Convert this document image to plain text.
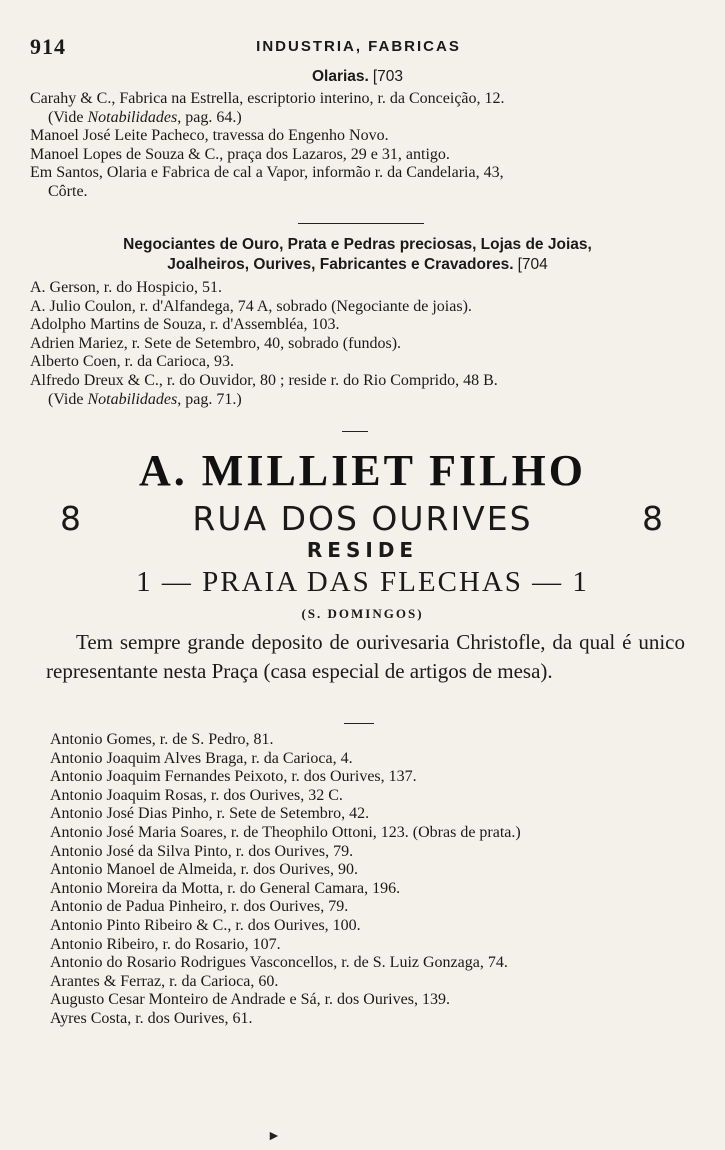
914	INDUSTRIA, FABRICAS
Olarias. [703
Carahy & C., Fabrica na Estrella, escriptorio interino, r. da Conceição, 12.
(Vide Notabilidades, pag. 64.)
Manoel José Leite Pacheco, travessa do Engenho Novo.
Manoel Lopes de Souza & C., praça dos Lazaros, 29 e 31, antigo.
Em Santos, Olaria e Fabrica de cal a Vapor, informão r. da Candelaria, 43,
Côrte.
Negociantes de Ouro, Prata e Pedras preciosas, Lojas de Joias,
Joalheiros, Ourives, Fabricantes e Cravadores. [704
A. Gerson, r. do Hospicio, 51.
A. Julio Coulon, r. d'Alfandega, 74 A, sobrado (Negociante de joias).
Adolpho Martins de Souza, r. d'Assembléa, 103.
Adrien Mariez, r. Sete de Setembro, 40, sobrado (fundos).
Alberto Coen, r. da Carioca, 93.
Alfredo Dreux & C., r. do Ouvidor, 80 ; reside r. do Rio Comprido, 48 B.
(Vide Notabilidades, pag. 71.)
A. MILLIET FILHO
8	RUA DOS OURIVES	8
RESIDE
1 — PRAIA DAS FLECHAS — 1
(S. DOMINGOS)
Tem sempre grande deposito de ourivesaria Christofle, da qual é unico representante nesta Praça (casa especial de artigos de mesa).
Antonio Gomes, r. de S. Pedro, 81.
Antonio Joaquim Alves Braga, r. da Carioca, 4.
Antonio Joaquim Fernandes Peixoto, r. dos Ourives, 137.
Antonio Joaquim Rosas, r. dos Ourives, 32 C.
Antonio José Dias Pinho, r. Sete de Setembro, 42.
Antonio José Maria Soares, r. de Theophilo Ottoni, 123. (Obras de prata.)
Antonio José da Silva Pinto, r. dos Ourives, 79.
Antonio Manoel de Almeida, r. dos Ourives, 90.
Antonio Moreira da Motta, r. do General Camara, 196.
Antonio de Padua Pinheiro, r. dos Ourives, 79.
Antonio Pinto Ribeiro & C., r. dos Ourives, 100.
Antonio Ribeiro, r. do Rosario, 107.
Antonio do Rosario Rodrigues Vasconcellos, r. de S. Luiz Gonzaga, 74.
Arantes & Ferraz, r. da Carioca, 60.
Augusto Cesar Monteiro de Andrade e Sá, r. dos Ourives, 139.
Ayres Costa, r. dos Ourives, 61.
►
